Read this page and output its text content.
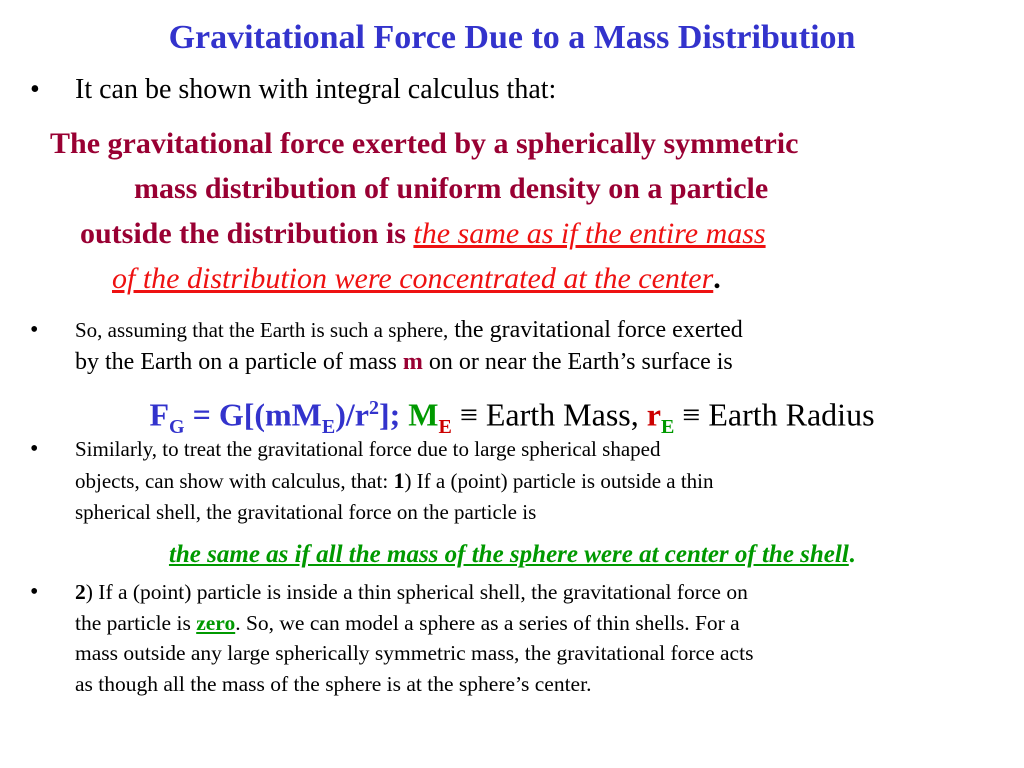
Gravitational Force Due to a Mass Distribution
• It can be shown with integral calculus that:
The gravitational force exerted by a spherically symmetric
mass distribution of uniform density on a particle
outside the distribution is the same as if the entire mass
of the distribution were concentrated at the center.
• So, assuming that the Earth is such a sphere, the gravitational force exerted
by the Earth on a particle of mass m on or near the Earth’s surface is
$F_G = G[(mM_E)/r^2]$; $M_E$ ≡ Earth Mass, $r_E$ ≡ Earth Radius
• Similarly, to treat the gravitational force due to large spherical shaped
objects, can show with calculus, that: 1) If a (point) particle is outside a thin
spherical shell, the gravitational force on the particle is
the same as if all the mass of the sphere were at center of the shell.
• 2) If a (point) particle is inside a thin spherical shell, the gravitational force on
the particle is zero. So, we can model a sphere as a series of thin shells. For a
mass outside any large spherically symmetric mass, the gravitational force acts
as though all the mass of the sphere is at the sphere’s center.
